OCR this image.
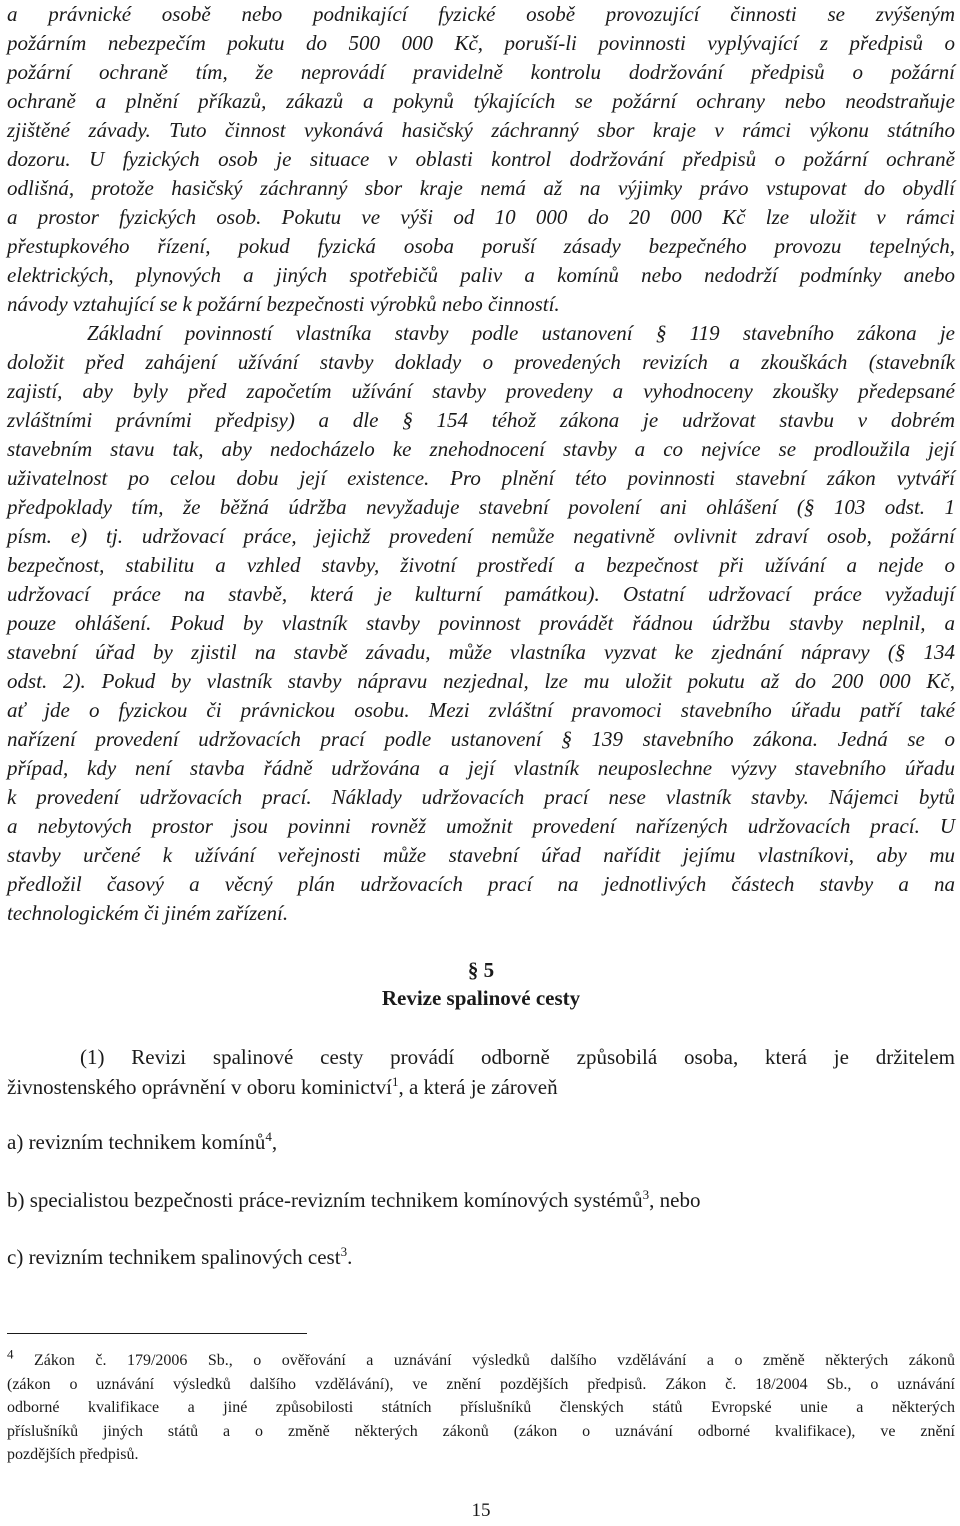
a právnické osobě nebo podnikající fyzické osobě provozující činnosti se zvýšeným
požárním nebezpečím pokutu do 500 000 Kč, poruší-li povinnosti vyplývající z předpisů o
požární ochraně tím, že neprovádí pravidelně kontrolu dodržování předpisů o požární
ochraně a plnění příkazů, zákazů a pokynů týkajících se požární ochrany nebo neodstraňuje
zjištěné závady. Tuto činnost vykonává hasičský záchranný sbor kraje v rámci výkonu státního
dozoru. U fyzických osob je situace v oblasti kontrol dodržování předpisů o požární ochraně
odlišná, protože hasičský záchranný sbor kraje nemá až na výjimky právo vstupovat do obydlí
a prostor fyzických osob. Pokutu ve výši od 10 000 do 20 000 Kč lze uložit v rámci
přestupkového řízení, pokud fyzická osoba poruší zásady bezpečného provozu tepelných,
elektrických, plynových a jiných spotřebičů paliv a komínů nebo nedodrží podmínky anebo
návody vztahující se k požární bezpečnosti výrobků nebo činností.
Základní povinností vlastníka stavby podle ustanovení § 119 stavebního zákona je
doložit před zahájení užívání stavby doklady o provedených revizích a zkouškách (stavebník
zajistí, aby byly před započetím užívání stavby provedeny a vyhodnoceny zkoušky předepsané
zvláštními právními předpisy) a dle § 154 téhož zákona je udržovat stavbu v dobrém
stavebním stavu tak, aby nedocházelo ke znehodnocení stavby a co nejvíce se prodloužila její
uživatelnost po celou dobu její existence. Pro plnění této povinnosti stavební zákon vytváří
předpoklady tím, že běžná údržba nevyžaduje stavební povolení ani ohlášení (§ 103 odst. 1
písm. e) tj. udržovací práce, jejichž provedení nemůže negativně ovlivnit zdraví osob, požární
bezpečnost, stabilitu a vzhled stavby, životní prostředí a bezpečnost při užívání a nejde o
udržovací práce na stavbě, která je kulturní památkou). Ostatní udržovací práce vyžadují
pouze ohlášení. Pokud by vlastník stavby povinnost provádět řádnou údržbu stavby neplnil, a
stavební úřad by zjistil na stavbě závadu, může vlastníka vyzvat ke zjednání nápravy (§ 134
odst. 2). Pokud by vlastník stavby nápravu nezjednal, lze mu uložit pokutu až do 200 000 Kč,
ať jde o fyzickou či právnickou osobu. Mezi zvláštní pravomoci stavebního úřadu patří také
nařízení provedení udržovacích prací podle ustanovení § 139 stavebního zákona. Jedná se o
případ, kdy není stavba řádně udržována a její vlastník neuposlechne výzvy stavebního úřadu
k provedení udržovacích prací. Náklady udržovacích prací nese vlastník stavby. Nájemci bytů
a nebytových prostor jsou povinni rovněž umožnit provedení nařízených udržovacích prací. U
stavby určené k užívání veřejnosti může stavební úřad nařídit jejímu vlastníkovi, aby mu
předložil časový a věcný plán udržovacích prací na jednotlivých částech stavby a na
technologickém či jiném zařízení.
§ 5
Revize spalinové cesty
(1) Revizi spalinové cesty provádí odborně způsobilá osoba, která je držitelem
živnostenského oprávnění v oboru kominictví$^1$, a která je zároveň
a) revizním technikem komínů$^4$,
b) specialistou bezpečnosti práce-revizním technikem komínových systémů$^3$, nebo
c) revizním technikem spalinových cest$^3$.
$^4$ Zákon č. 179/2006 Sb., o ověřování a uznávání výsledků dalšího vzdělávání a o změně některých zákonů
(zákon o uznávání výsledků dalšího vzdělávání), ve znění pozdějších předpisů. Zákon č. 18/2004 Sb., o uznávání
odborné kvalifikace a jiné způsobilosti státních příslušníků členských států Evropské unie a některých
příslušníků jiných států a o změně některých zákonů (zákon o uznávání odborné kvalifikace), ve znění
pozdějších předpisů.
15
